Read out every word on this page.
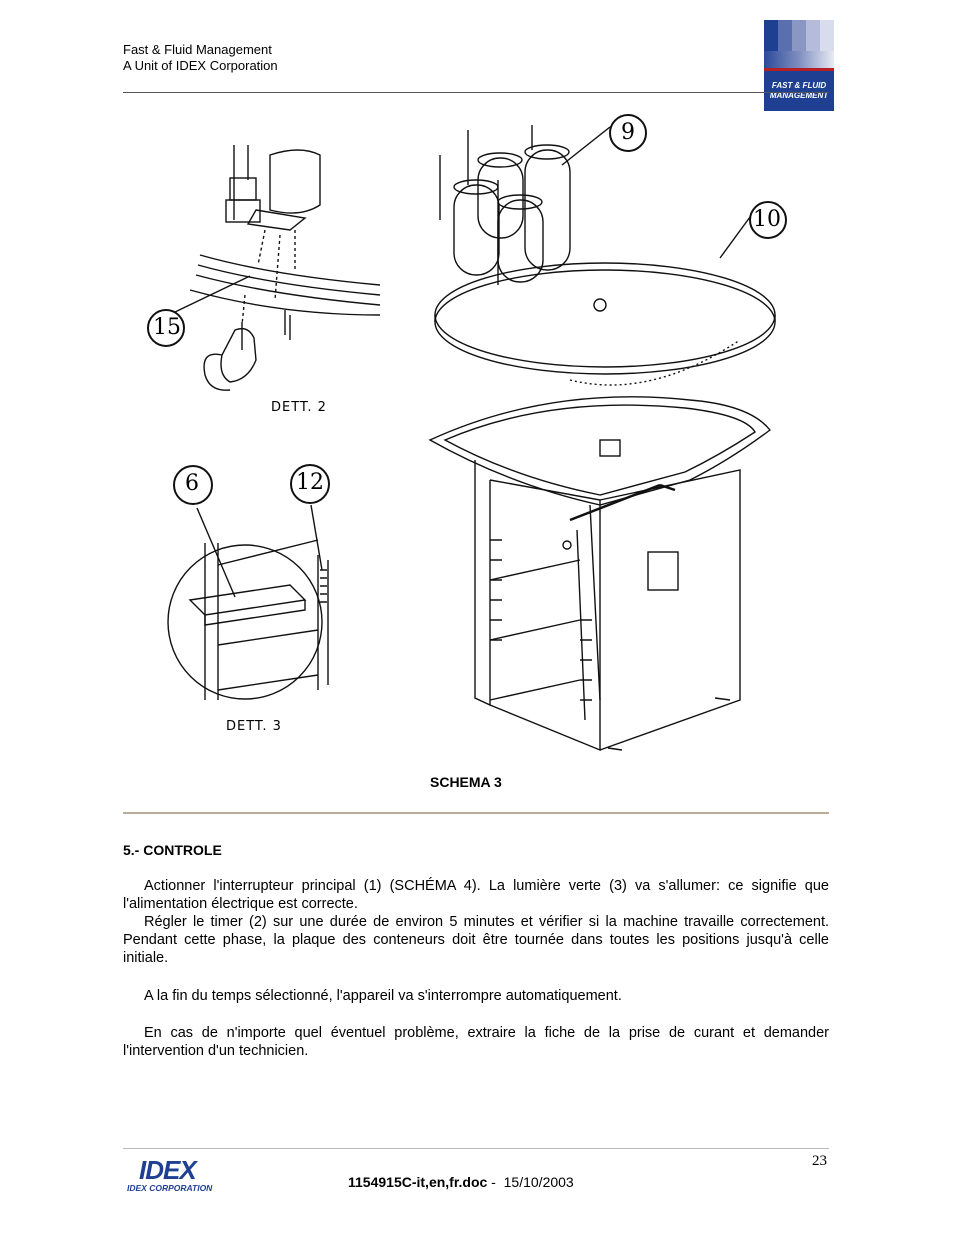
Fast & Fluid Management
A Unit of IDEX Corporation
FAST & FLUID
MANAGEMENT
15
9
10
6	12
DETT. 2
DETT. 3
SCHEMA 3
5.- CONTROLE

Actionner l'interrupteur principal (1) (SCHÉMA 4). La lumière verte (3) va s'allumer: ce signifie que l'alimentation électrique est correcte.

Régler le timer (2) sur une durée de environ 5 minutes et vérifier si la machine travaille correctement. Pendant cette phase, la plaque des conteneurs doit être tournée dans toutes les positions jusqu'à celle initiale.

A la fin du temps sélectionné, l'appareil va s'interrompre automatiquement.

En cas de n'importe quel éventuel problème, extraire la fiche de la prise de curant et demander l'intervention d'un technicien.

IDEX
IDEX CORPORATION
23
1154915C-it,en,fr.doc -  15/10/2003
